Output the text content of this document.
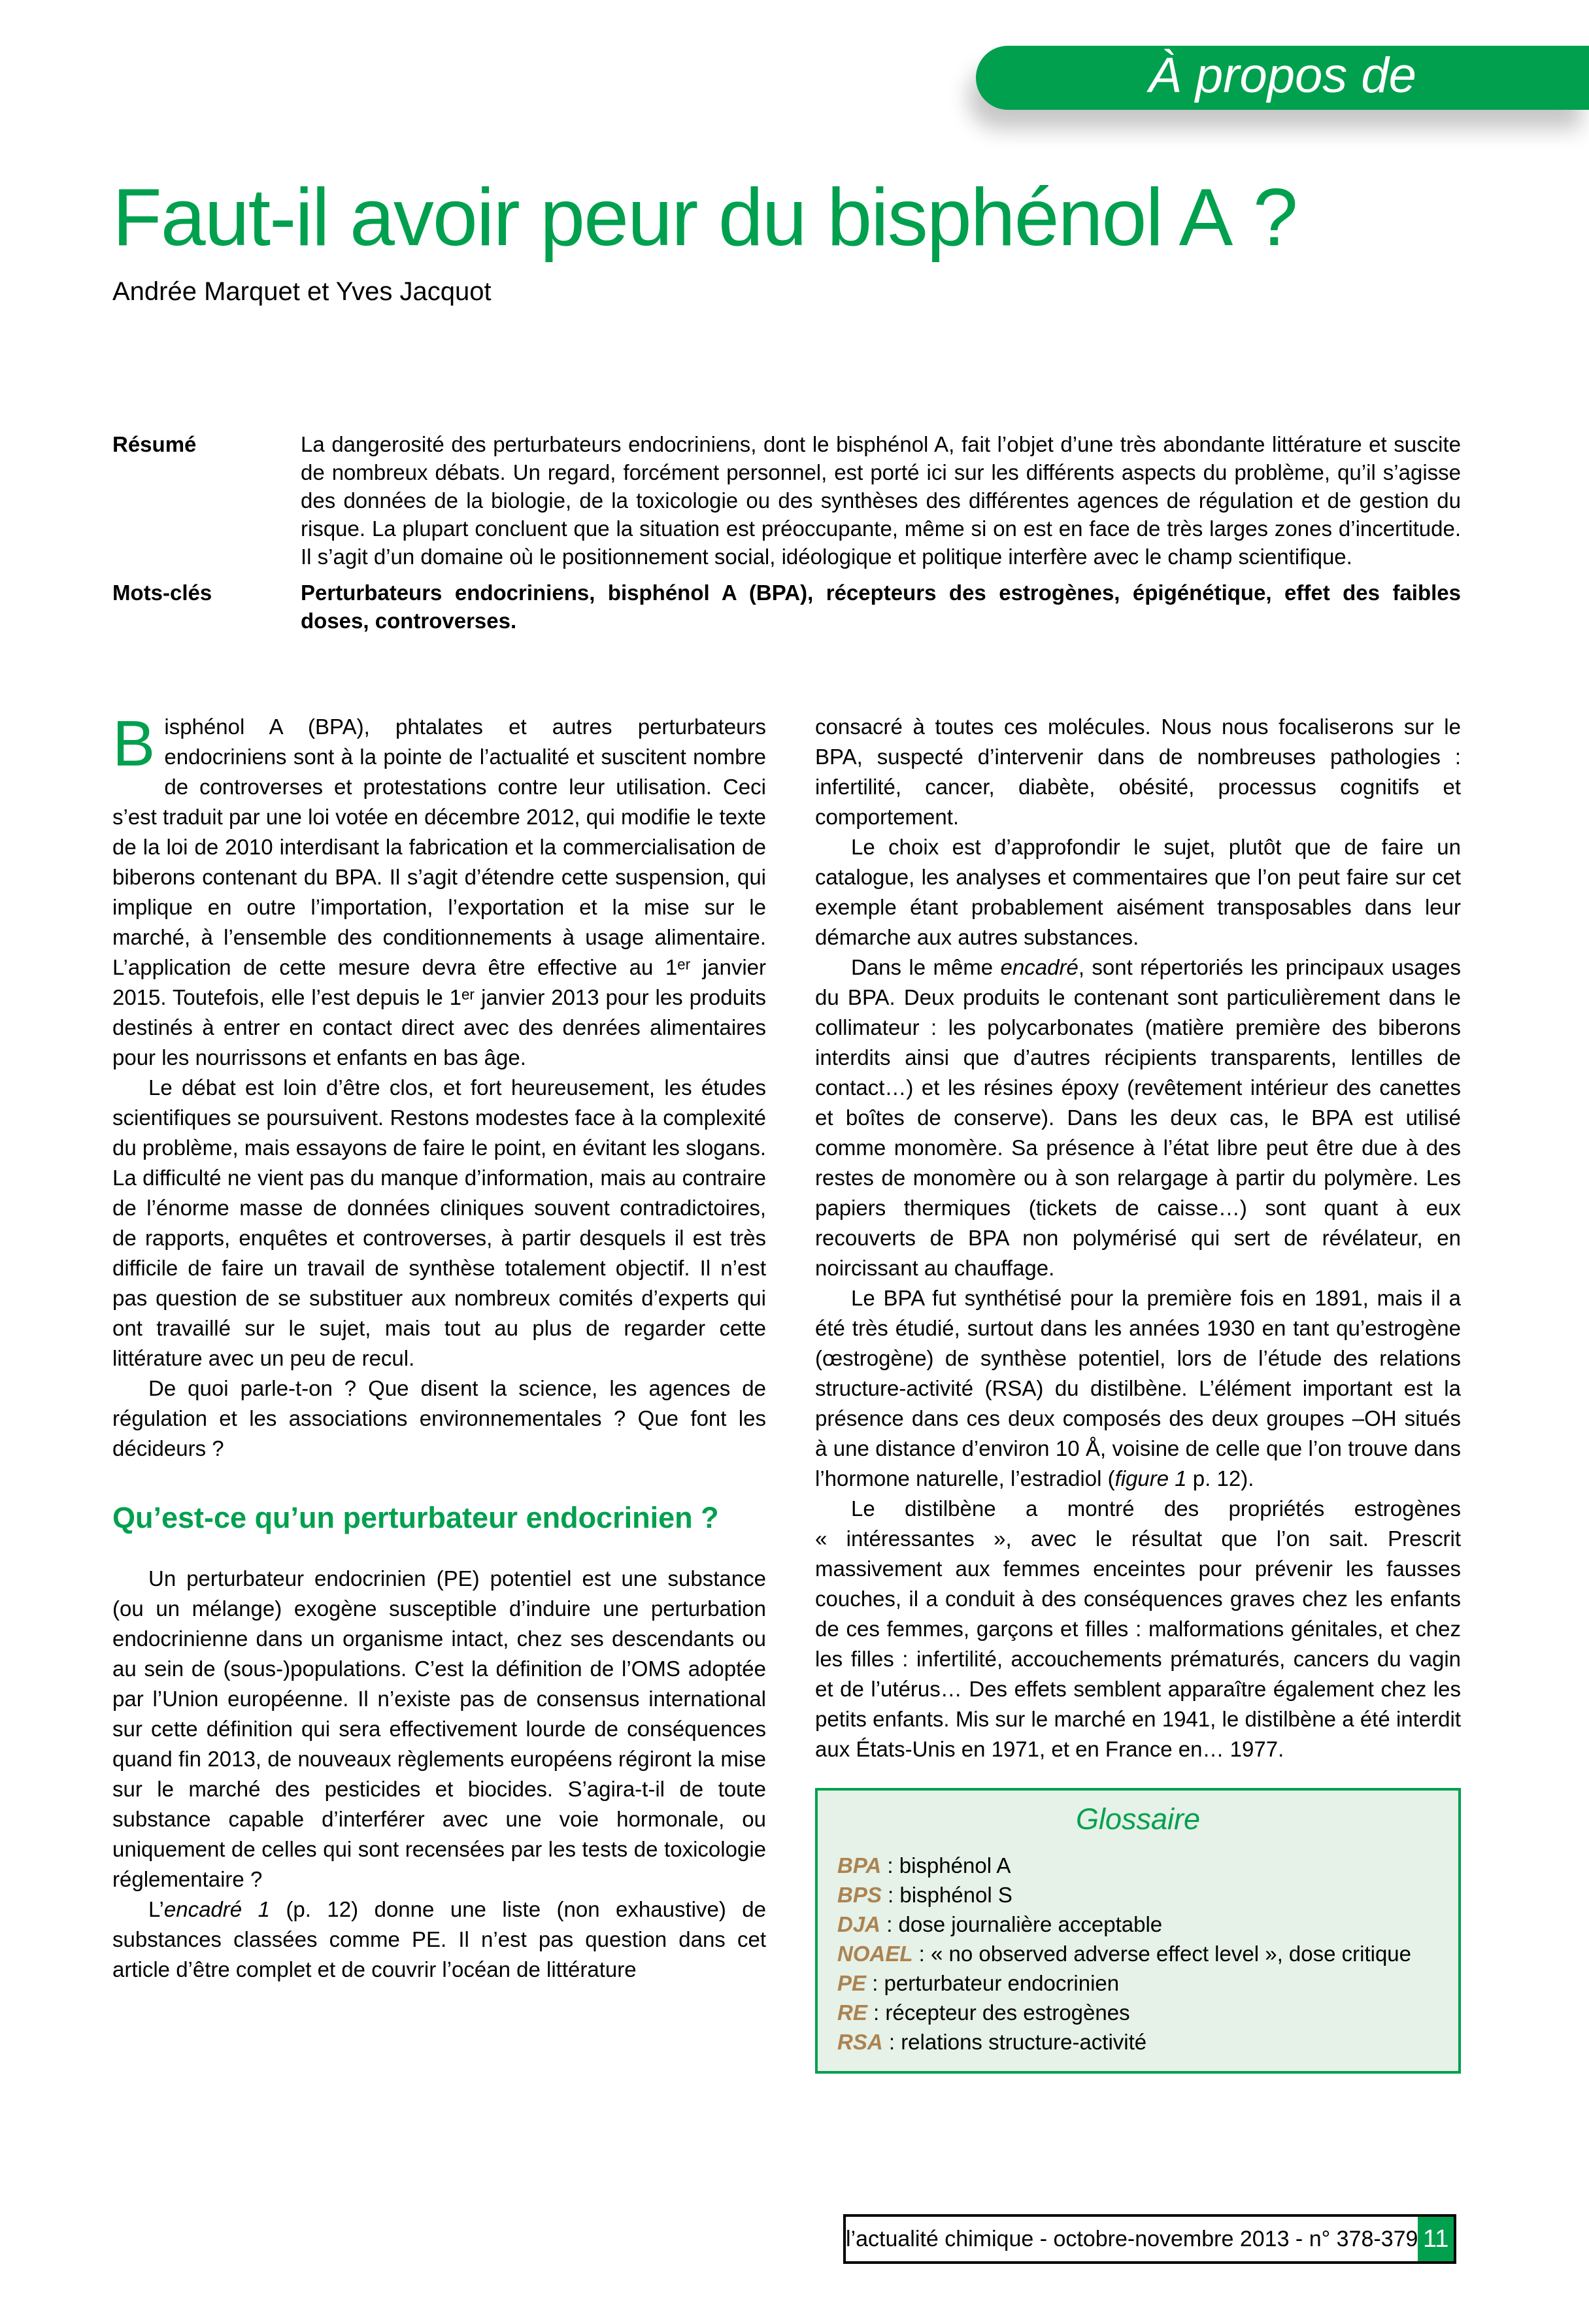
À propos de
Faut-il avoir peur du bisphénol A ?
Andrée Marquet et Yves Jacquot
Résumé	La dangerosité des perturbateurs endocriniens, dont le bisphénol A, fait l’objet d’une très abondante littérature et suscite de nombreux débats. Un regard, forcément personnel, est porté ici sur les différents aspects du problème, qu’il s’agisse des données de la biologie, de la toxicologie ou des synthèses des différentes agences de régulation et de gestion du risque. La plupart concluent que la situation est préoccupante, même si on est en face de très larges zones d’incertitude. Il s’agit d’un domaine où le positionnement social, idéologique et politique interfère avec le champ scientifique.
Mots-clés	Perturbateurs endocriniens, bisphénol A (BPA), récepteurs des estrogènes, épigénétique, effet des faibles doses, controverses.

Bisphénol A (BPA), phtalates et autres perturbateurs endocriniens sont à la pointe de l’actualité et suscitent nombre de controverses et protestations contre leur utilisation. Ceci s’est traduit par une loi votée en décembre 2012, qui modifie le texte de la loi de 2010 interdisant la fabrication et la commercialisation de biberons contenant du BPA. Il s’agit d’étendre cette suspension, qui implique en outre l’importation, l’exportation et la mise sur le marché, à l’ensemble des conditionnements à usage alimentaire. L’application de cette mesure devra être effective au 1ᵉʳ janvier 2015. Toutefois, elle l’est depuis le 1ᵉʳ janvier 2013 pour les produits destinés à entrer en contact direct avec des denrées alimentaires pour les nourrissons et enfants en bas âge.

Le débat est loin d’être clos, et fort heureusement, les études scientifiques se poursuivent. Restons modestes face à la complexité du problème, mais essayons de faire le point, en évitant les slogans. La difficulté ne vient pas du manque d’information, mais au contraire de l’énorme masse de données cliniques souvent contradictoires, de rapports, enquêtes et controverses, à partir desquels il est très difficile de faire un travail de synthèse totalement objectif. Il n’est pas question de se substituer aux nombreux comités d’experts qui ont travaillé sur le sujet, mais tout au plus de regarder cette littérature avec un peu de recul.

De quoi parle-t-on ? Que disent la science, les agences de régulation et les associations environnementales ? Que font les décideurs ?

Qu’est-ce qu’un perturbateur endocrinien ?

Un perturbateur endocrinien (PE) potentiel est une substance (ou un mélange) exogène susceptible d’induire une perturbation endocrinienne dans un organisme intact, chez ses descendants ou au sein de (sous-)populations. C’est la définition de l’OMS adoptée par l’Union européenne. Il n’existe pas de consensus international sur cette définition qui sera effectivement lourde de conséquences quand fin 2013, de nouveaux règlements européens régiront la mise sur le marché des pesticides et biocides. S’agira-t-il de toute substance capable d’interférer avec une voie hormonale, ou uniquement de celles qui sont recensées par les tests de toxicologie réglementaire ?

L’encadré 1 (p. 12) donne une liste (non exhaustive) de substances classées comme PE. Il n’est pas question dans cet article d’être complet et de couvrir l’océan de littérature

consacré à toutes ces molécules. Nous nous focaliserons sur le BPA, suspecté d’intervenir dans de nombreuses pathologies : infertilité, cancer, diabète, obésité, processus cognitifs et comportement.

Le choix est d’approfondir le sujet, plutôt que de faire un catalogue, les analyses et commentaires que l’on peut faire sur cet exemple étant probablement aisément transposables dans leur démarche aux autres substances.

Dans le même encadré, sont répertoriés les principaux usages du BPA. Deux produits le contenant sont particulièrement dans le collimateur : les polycarbonates (matière première des biberons interdits ainsi que d’autres récipients transparents, lentilles de contact…) et les résines époxy (revêtement intérieur des canettes et boîtes de conserve). Dans les deux cas, le BPA est utilisé comme monomère. Sa présence à l’état libre peut être due à des restes de monomère ou à son relargage à partir du polymère. Les papiers thermiques (tickets de caisse…) sont quant à eux recouverts de BPA non polymérisé qui sert de révélateur, en noircissant au chauffage.

Le BPA fut synthétisé pour la première fois en 1891, mais il a été très étudié, surtout dans les années 1930 en tant qu’estrogène (œstrogène) de synthèse potentiel, lors de l’étude des relations structure-activité (RSA) du distilbène. L’élément important est la présence dans ces deux composés des deux groupes –OH situés à une distance d’environ 10 Å, voisine de celle que l’on trouve dans l’hormone naturelle, l’estradiol (figure 1 p. 12).

Le distilbène a montré des propriétés estrogènes « intéressantes », avec le résultat que l’on sait. Prescrit massivement aux femmes enceintes pour prévenir les fausses couches, il a conduit à des conséquences graves chez les enfants de ces femmes, garçons et filles : malformations génitales, et chez les filles : infertilité, accouchements prématurés, cancers du vagin et de l’utérus… Des effets semblent apparaître également chez les petits enfants. Mis sur le marché en 1941, le distilbène a été interdit aux États-Unis en 1971, et en France en… 1977.

Glossaire
BPA : bisphénol A
BPS : bisphénol S
DJA : dose journalière acceptable
NOAEL : « no observed adverse effect level », dose critique
PE : perturbateur endocrinien
RE : récepteur des estrogènes
RSA : relations structure-activité
l’actualité chimique - octobre-novembre 2013 - n° 378-379 11
